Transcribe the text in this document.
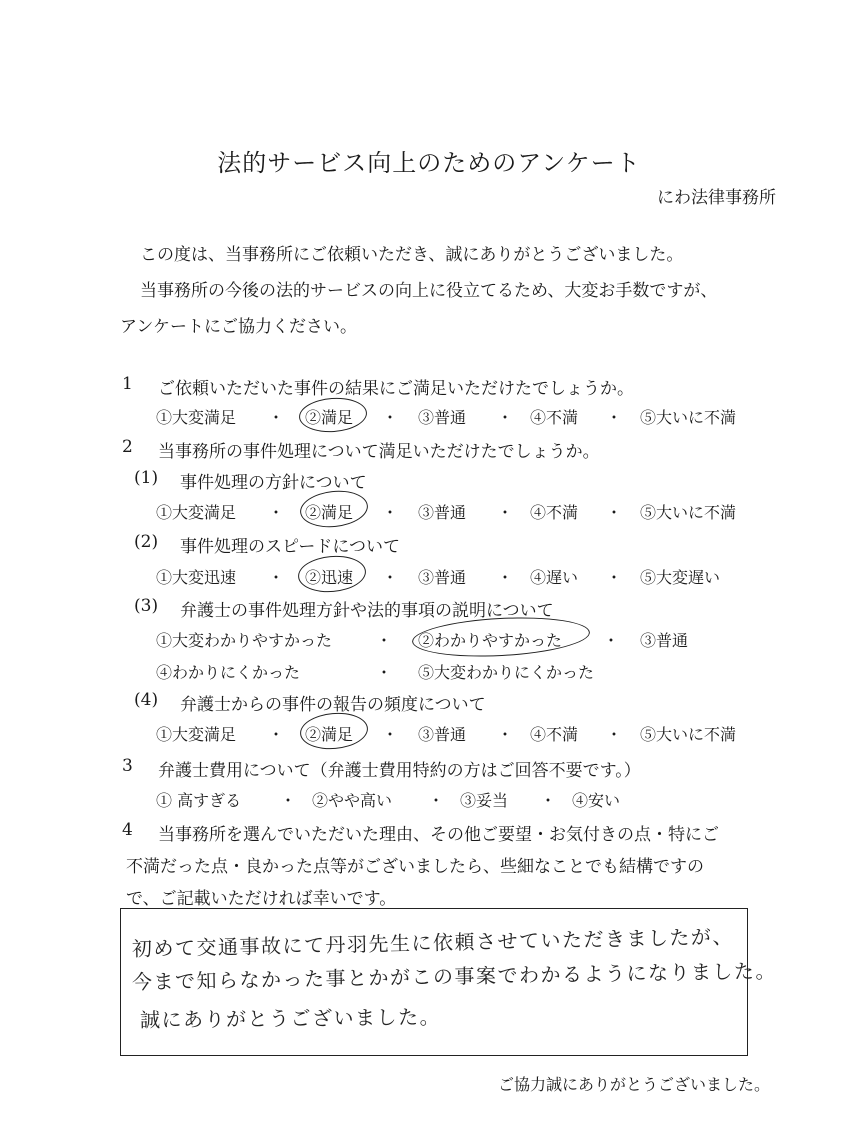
法的サービス向上のためのアンケート
にわ法律事務所
この度は、当事務所にご依頼いただき、誠にありがとうございました。
当事務所の今後の法的サービスの向上に役立てるため、大変お手数ですが、
アンケートにご協力ください。
1 ご依頼いただいた事件の結果にご満足いただけたでしょうか。
①大変満足 ・ ②満足 ・ ③普通 ・ ④不満 ・ ⑤大いに不満
2 当事務所の事件処理について満足いただけたでしょうか。
(1) 事件処理の方針について
①大変満足 ・ ②満足 ・ ③普通 ・ ④不満 ・ ⑤大いに不満
(2) 事件処理のスピードについて
①大変迅速 ・ ②迅速 ・ ③普通 ・ ④遅い ・ ⑤大変遅い
(3) 弁護士の事件処理方針や法的事項の説明について
①大変わかりやすかった	・ ②わかりやすかった	・ ③普通
④わかりにくかった	・ ⑤大変わかりにくかった
(4) 弁護士からの事件の報告の頻度について
①大変満足 ・ ②満足 ・ ③普通 ・ ④不満 ・ ⑤大いに不満
3 弁護士費用について（弁護士費用特約の方はご回答不要です。）
① 高すぎる ・ ②やや高い ・ ③妥当 ・ ④安い
4 当事務所を選んでいただいた理由、その他ご要望・お気付きの点・特にご
不満だった点・良かった点等がございましたら、些細なことでも結構ですの
で、ご記載いただければ幸いです。
初めて交通事故にて丹羽先生に依頼させていただきましたが、
今まで知らなかった事とかがこの事案でわかるようになりました。
誠にありがとうございました。
ご協力誠にありがとうございました。
